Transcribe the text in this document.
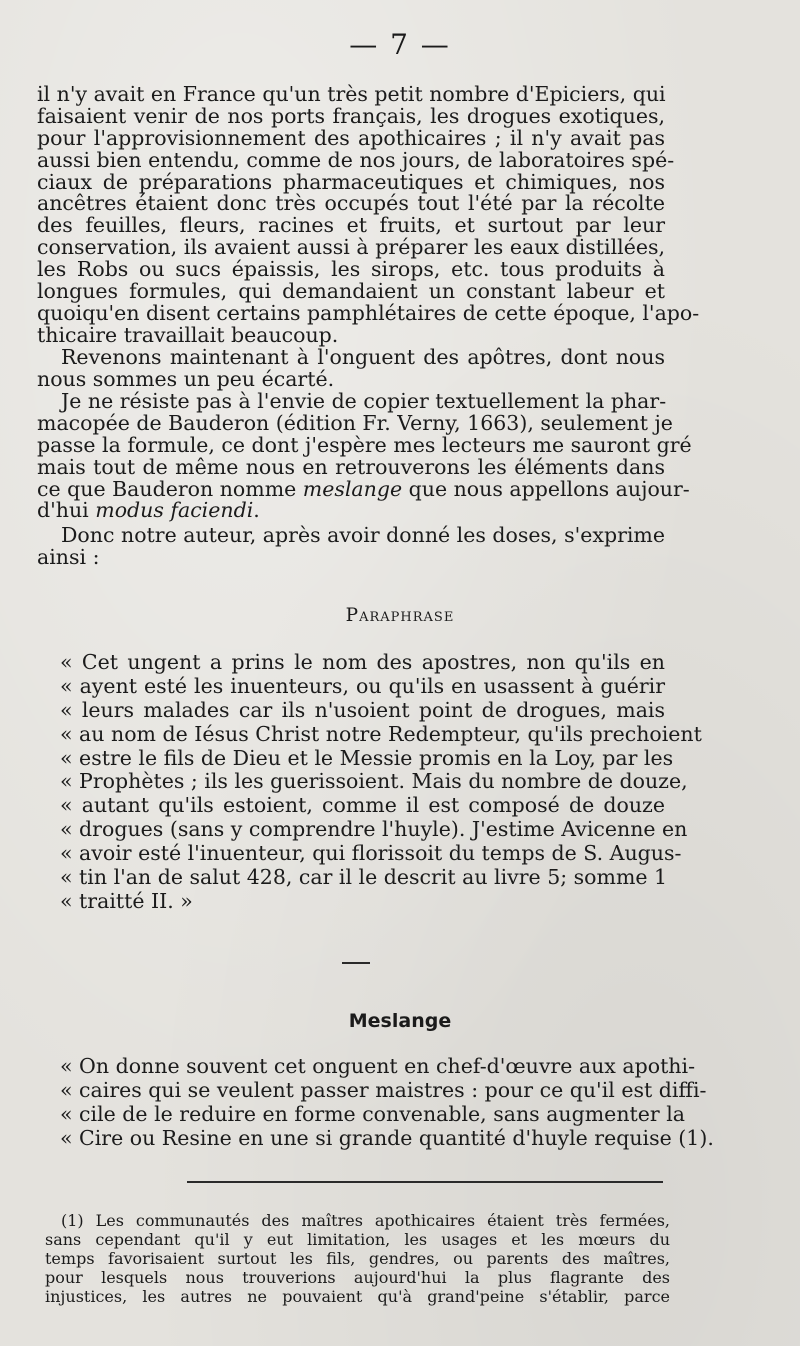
— 7 —
il n'y avait en France qu'un très petit nombre d'Epiciers, qui
faisaient venir de nos ports français, les drogues exotiques,
pour l'approvisionnement des apothicaires ; il n'y avait pas
aussi bien entendu, comme de nos jours, de laboratoires spé-
ciaux de préparations pharmaceutiques et chimiques, nos
ancêtres étaient donc très occupés tout l'été par la récolte
des feuilles, fleurs, racines et fruits, et surtout par leur
conservation, ils avaient aussi à préparer les eaux distillées,
les Robs ou sucs épaissis, les sirops, etc. tous produits à
longues formules, qui demandaient un constant labeur et
quoiqu'en disent certains pamphlétaires de cette époque, l'apo-
thicaire travaillait beaucoup.
Revenons maintenant à l'onguent des apôtres, dont nous
nous sommes un peu écarté.
Je ne résiste pas à l'envie de copier textuellement la phar-
macopée de Bauderon (édition Fr. Verny, 1663), seulement je
passe la formule, ce dont j'espère mes lecteurs me sauront gré
mais tout de même nous en retrouverons les éléments dans
ce que Bauderon nomme meslange que nous appellons aujour-
d'hui modus faciendi.
Donc notre auteur, après avoir donné les doses, s'exprime
ainsi :
Paraphrase
« Cet ungent a prins le nom des apostres, non qu'ils en
« ayent esté les inuenteurs, ou qu'ils en usassent à guérir
« leurs malades car ils n'usoient point de drogues, mais
« au nom de Iésus Christ notre Redempteur, qu'ils prechoient
« estre le fils de Dieu et le Messie promis en la Loy, par les
« Prophètes ; ils les guerissoient. Mais du nombre de douze,
« autant qu'ils estoient, comme il est composé de douze
« drogues (sans y comprendre l'huyle). J'estime Avicenne en
« avoir esté l'inuenteur, qui florissoit du temps de S. Augus-
« tin l'an de salut 428, car il le descrit au livre 5; somme 1
« traitté II. »
Meslange
« On donne souvent cet onguent en chef-d'œuvre aux apothi-
« caires qui se veulent passer maistres : pour ce qu'il est diffi-
« cile de le reduire en forme convenable, sans augmenter la
« Cire ou Resine en une si grande quantité d'huyle requise (1).
(1) Les communautés des maîtres apothicaires étaient très fermées,
sans cependant qu'il y eut limitation, les usages et les mœurs du
temps favorisaient surtout les fils, gendres, ou parents des maîtres,
pour lesquels nous trouverions aujourd'hui la plus flagrante des
injustices, les autres ne pouvaient qu'à grand'peine s'établir, parce
